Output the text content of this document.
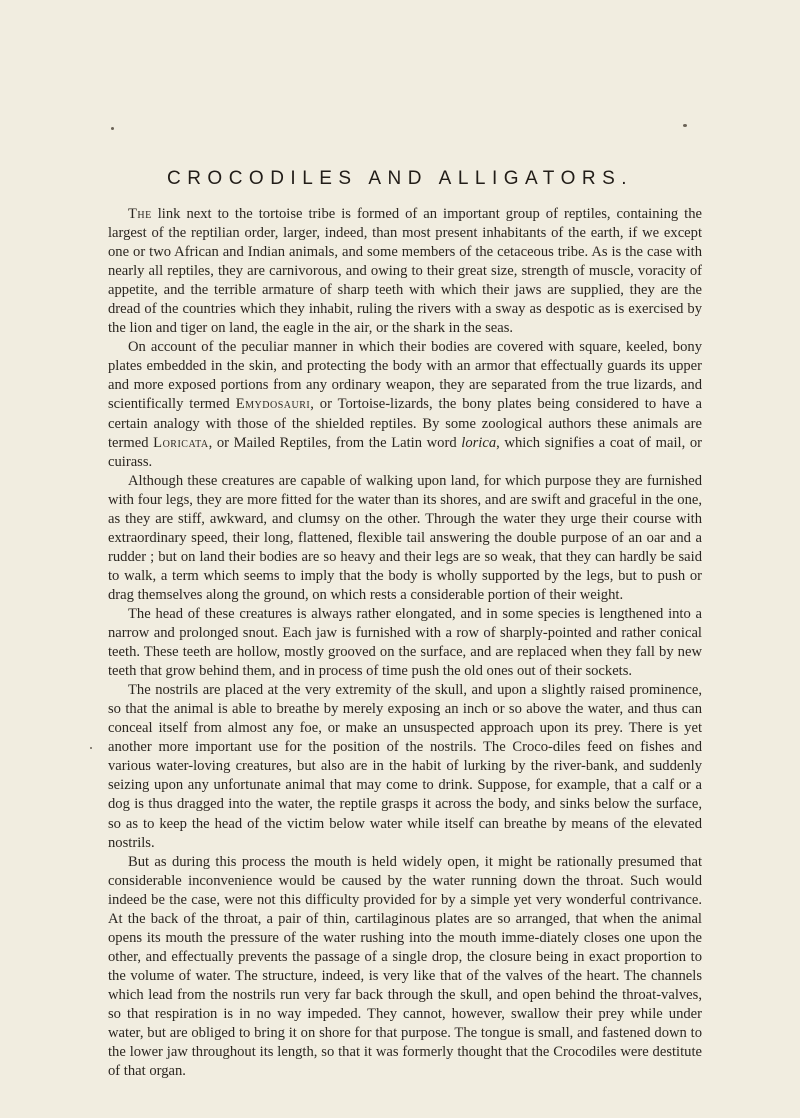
CROCODILES AND ALLIGATORS.

The link next to the tortoise tribe is formed of an important group of reptiles, containing the largest of the reptilian order, larger, indeed, than most present inhabitants of the earth, if we except one or two African and Indian animals, and some members of the cetaceous tribe. As is the case with nearly all reptiles, they are carnivorous, and owing to their great size, strength of muscle, voracity of appetite, and the terrible armature of sharp teeth with which their jaws are supplied, they are the dread of the countries which they inhabit, ruling the rivers with a sway as despotic as is exercised by the lion and tiger on land, the eagle in the air, or the shark in the seas.

On account of the peculiar manner in which their bodies are covered with square, keeled, bony plates embedded in the skin, and protecting the body with an armor that effectually guards its upper and more exposed portions from any ordinary weapon, they are separated from the true lizards, and scientifically termed Emydosauri, or Tortoise-lizards, the bony plates being considered to have a certain analogy with those of the shielded reptiles. By some zoological authors these animals are termed Loricata, or Mailed Reptiles, from the Latin word lorica, which signifies a coat of mail, or cuirass.

Although these creatures are capable of walking upon land, for which purpose they are furnished with four legs, they are more fitted for the water than its shores, and are swift and graceful in the one, as they are stiff, awkward, and clumsy on the other. Through the water they urge their course with extraordinary speed, their long, flattened, flexible tail answering the double purpose of an oar and a rudder ; but on land their bodies are so heavy and their legs are so weak, that they can hardly be said to walk, a term which seems to imply that the body is wholly supported by the legs, but to push or drag themselves along the ground, on which rests a considerable portion of their weight.

The head of these creatures is always rather elongated, and in some species is lengthened into a narrow and prolonged snout. Each jaw is furnished with a row of sharply-pointed and rather conical teeth. These teeth are hollow, mostly grooved on the surface, and are replaced when they fall by new teeth that grow behind them, and in process of time push the old ones out of their sockets.

The nostrils are placed at the very extremity of the skull, and upon a slightly raised prominence, so that the animal is able to breathe by merely exposing an inch or so above the water, and thus can conceal itself from almost any foe, or make an unsuspected approach upon its prey. There is yet another more important use for the position of the nostrils. The Croco-diles feed on fishes and various water-loving creatures, but also are in the habit of lurking by the river-bank, and suddenly seizing upon any unfortunate animal that may come to drink. Suppose, for example, that a calf or a dog is thus dragged into the water, the reptile grasps it across the body, and sinks below the surface, so as to keep the head of the victim below water while itself can breathe by means of the elevated nostrils.

But as during this process the mouth is held widely open, it might be rationally presumed that considerable inconvenience would be caused by the water running down the throat. Such would indeed be the case, were not this difficulty provided for by a simple yet very wonderful contrivance. At the back of the throat, a pair of thin, cartilaginous plates are so arranged, that when the animal opens its mouth the pressure of the water rushing into the mouth imme-diately closes one upon the other, and effectually prevents the passage of a single drop, the closure being in exact proportion to the volume of water. The structure, indeed, is very like that of the valves of the heart. The channels which lead from the nostrils run very far back through the skull, and open behind the throat-valves, so that respiration is in no way impeded. They cannot, however, swallow their prey while under water, but are obliged to bring it on shore for that purpose. The tongue is small, and fastened down to the lower jaw throughout its length, so that it was formerly thought that the Crocodiles were destitute of that organ.
